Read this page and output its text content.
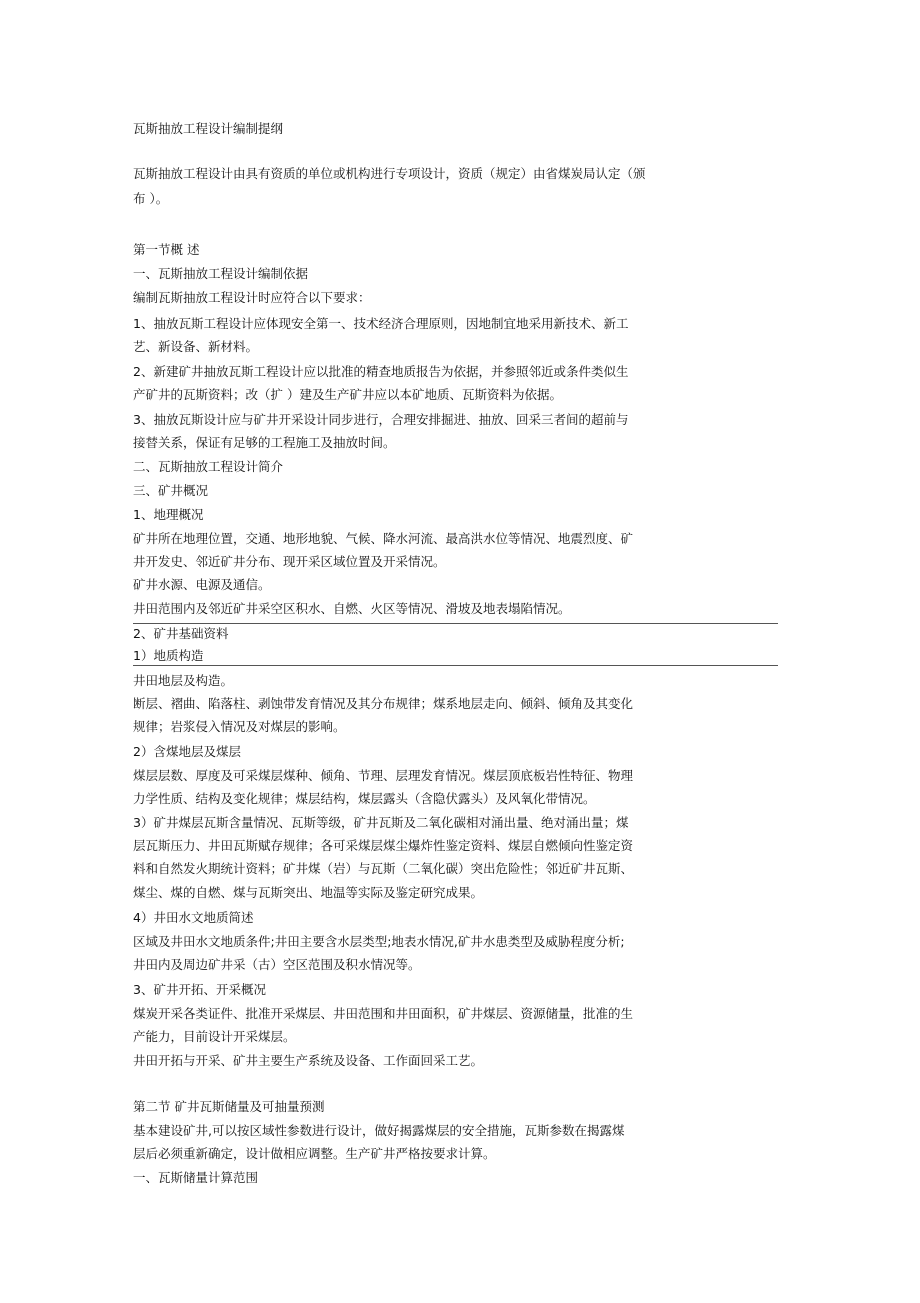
瓦斯抽放工程设计编制提纲
瓦斯抽放工程设计由具有资质的单位或机构进行专项设计，资质（规定）由省煤炭局认定（颁
布 ）。
第一节概 述
一、瓦斯抽放工程设计编制依据
编制瓦斯抽放工程设计时应符合以下要求：
1、抽放瓦斯工程设计应体现安全第一、技术经济合理原则，因地制宜地采用新技术、新工
艺、新设备、新材料。
2、新建矿井抽放瓦斯工程设计应以批准的精查地质报告为依据，并参照邻近或条件类似生
产矿井的瓦斯资料；改（扩 ）建及生产矿井应以本矿地质、瓦斯资料为依据。
3、抽放瓦斯设计应与矿井开采设计同步进行，合理安排掘进、抽放、回采三者间的超前与
接替关系，保证有足够的工程施工及抽放时间。
二、瓦斯抽放工程设计简介
三、矿井概况
1、地理概况
矿井所在地理位置，交通、地形地貌、气候、降水河流、最高洪水位等情况、地震烈度、矿
井开发史、邻近矿井分布、现开采区域位置及开采情况。
矿井水源、电源及通信。
井田范围内及邻近矿井采空区积水、自燃、火区等情况、滑坡及地表塌陷情况。
2、矿井基础资料
1）地质构造
井田地层及构造。
断层、褶曲、陷落柱、剥蚀带发育情况及其分布规律；煤系地层走向、倾斜、倾角及其变化
规律；岩浆侵入情况及对煤层的影响。
2）含煤地层及煤层
煤层层数、厚度及可采煤层煤种、倾角、节理、层理发育情况。煤层顶底板岩性特征、物理
力学性质、结构及变化规律；煤层结构，煤层露头（含隐伏露头）及风氧化带情况。
3）矿井煤层瓦斯含量情况、瓦斯等级，矿井瓦斯及二氧化碳相对涌出量、绝对涌出量；煤
层瓦斯压力、井田瓦斯赋存规律；各可采煤层煤尘爆炸性鉴定资料、煤层自燃倾向性鉴定资
料和自然发火期统计资料；矿井煤（岩）与瓦斯（二氧化碳）突出危险性；邻近矿井瓦斯、
煤尘、煤的自燃、煤与瓦斯突出、地温等实际及鉴定研究成果。
4）井田水文地质简述
区域及井田水文地质条件;井田主要含水层类型;地表水情况,矿井水患类型及威胁程度分析;
井田内及周边矿井采（古）空区范围及积水情况等。
3、矿井开拓、开采概况
煤炭开采各类证件、批准开采煤层、井田范围和井田面积，矿井煤层、资源储量，批准的生
产能力，目前设计开采煤层。
井田开拓与开采、矿井主要生产系统及设备、工作面回采工艺。
第二节 矿井瓦斯储量及可抽量预测
基本建设矿井,可以按区域性参数进行设计，做好揭露煤层的安全措施，瓦斯参数在揭露煤
层后必须重新确定，设计做相应调整。生产矿井严格按要求计算。
一、瓦斯储量计算范围
